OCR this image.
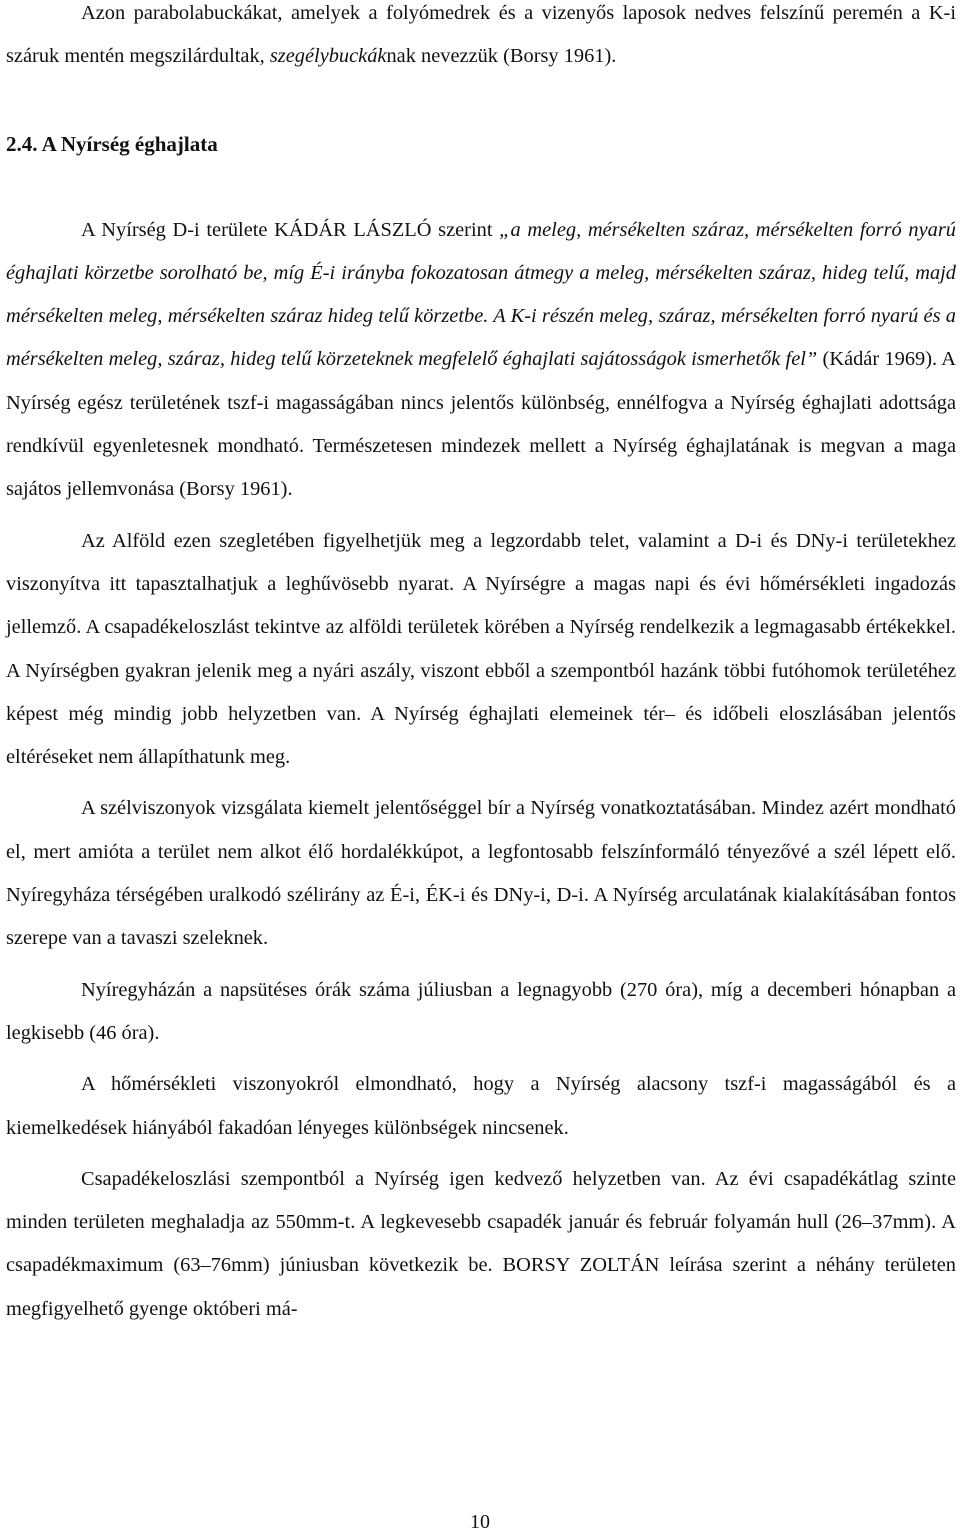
Azon parabolabuckákat, amelyek a folyómedrek és a vizenyős laposok nedves felszínű peremén a K-i száruk mentén megszilárdultak, szegélybuckáknak nevezzük (Borsy 1961).

2.4. A Nyírség éghajlata

A Nyírség D-i területe KÁDÁR LÁSZLÓ szerint „a meleg, mérsékelten száraz, mérsékelten forró nyarú éghajlati körzetbe sorolható be, míg É-i irányba fokozatosan átmegy a meleg, mérsékelten száraz, hideg telű, majd mérsékelten meleg, mérsékelten száraz hideg telű körzetbe. A K-i részén meleg, száraz, mérsékelten forró nyarú és a mérsékelten meleg, száraz, hideg telű körzeteknek megfelelő éghajlati sajátosságok ismerhetők fel” (Kádár 1969). A Nyírség egész területének tszf-i magasságában nincs jelentős különbség, ennélfogva a Nyírség éghajlati adottsága rendkívül egyenletesnek mondható. Természetesen mindezek mellett a Nyírség éghajlatának is megvan a maga sajátos jellemvonása (Borsy 1961).

Az Alföld ezen szegletében figyelhetjük meg a legzordabb telet, valamint a D-i és DNy-i területekhez viszonyítva itt tapasztalhatjuk a leghűvösebb nyarat. A Nyírségre a magas napi és évi hőmérsékleti ingadozás jellemző. A csapadékeloszlást tekintve az alföldi területek körében a Nyírség rendelkezik a legmagasabb értékekkel. A Nyírségben gyakran jelenik meg a nyári aszály, viszont ebből a szempontból hazánk többi futóhomok területéhez képest még mindig jobb helyzetben van. A Nyírség éghajlati elemeinek tér– és időbeli eloszlásában jelentős eltéréseket nem állapíthatunk meg.

A szélviszonyok vizsgálata kiemelt jelentőséggel bír a Nyírség vonatkoztatásában. Mindez azért mondható el, mert amióta a terület nem alkot élő hordalékkúpot, a legfontosabb felszínformáló tényezővé a szél lépett elő. Nyíregyháza térségében uralkodó szélirány az É-i, ÉK-i és DNy-i, D-i. A Nyírség arculatának kialakításában fontos szerepe van a tavaszi szeleknek.

Nyíregyházán a napsütéses órák száma júliusban a legnagyobb (270 óra), míg a decemberi hónapban a legkisebb (46 óra).

A hőmérsékleti viszonyokról elmondható, hogy a Nyírség alacsony tszf-i magasságából és a kiemelkedések hiányából fakadóan lényeges különbségek nincsenek.

Csapadékeloszlási szempontból a Nyírség igen kedvező helyzetben van. Az évi csapadékátlag szinte minden területen meghaladja az 550mm-t. A legkevesebb csapadék január és február folyamán hull (26–37mm). A csapadékmaximum (63–76mm) júniusban következik be. BORSY ZOLTÁN leírása szerint a néhány területen megfigyelhető gyenge októberi má-

10
